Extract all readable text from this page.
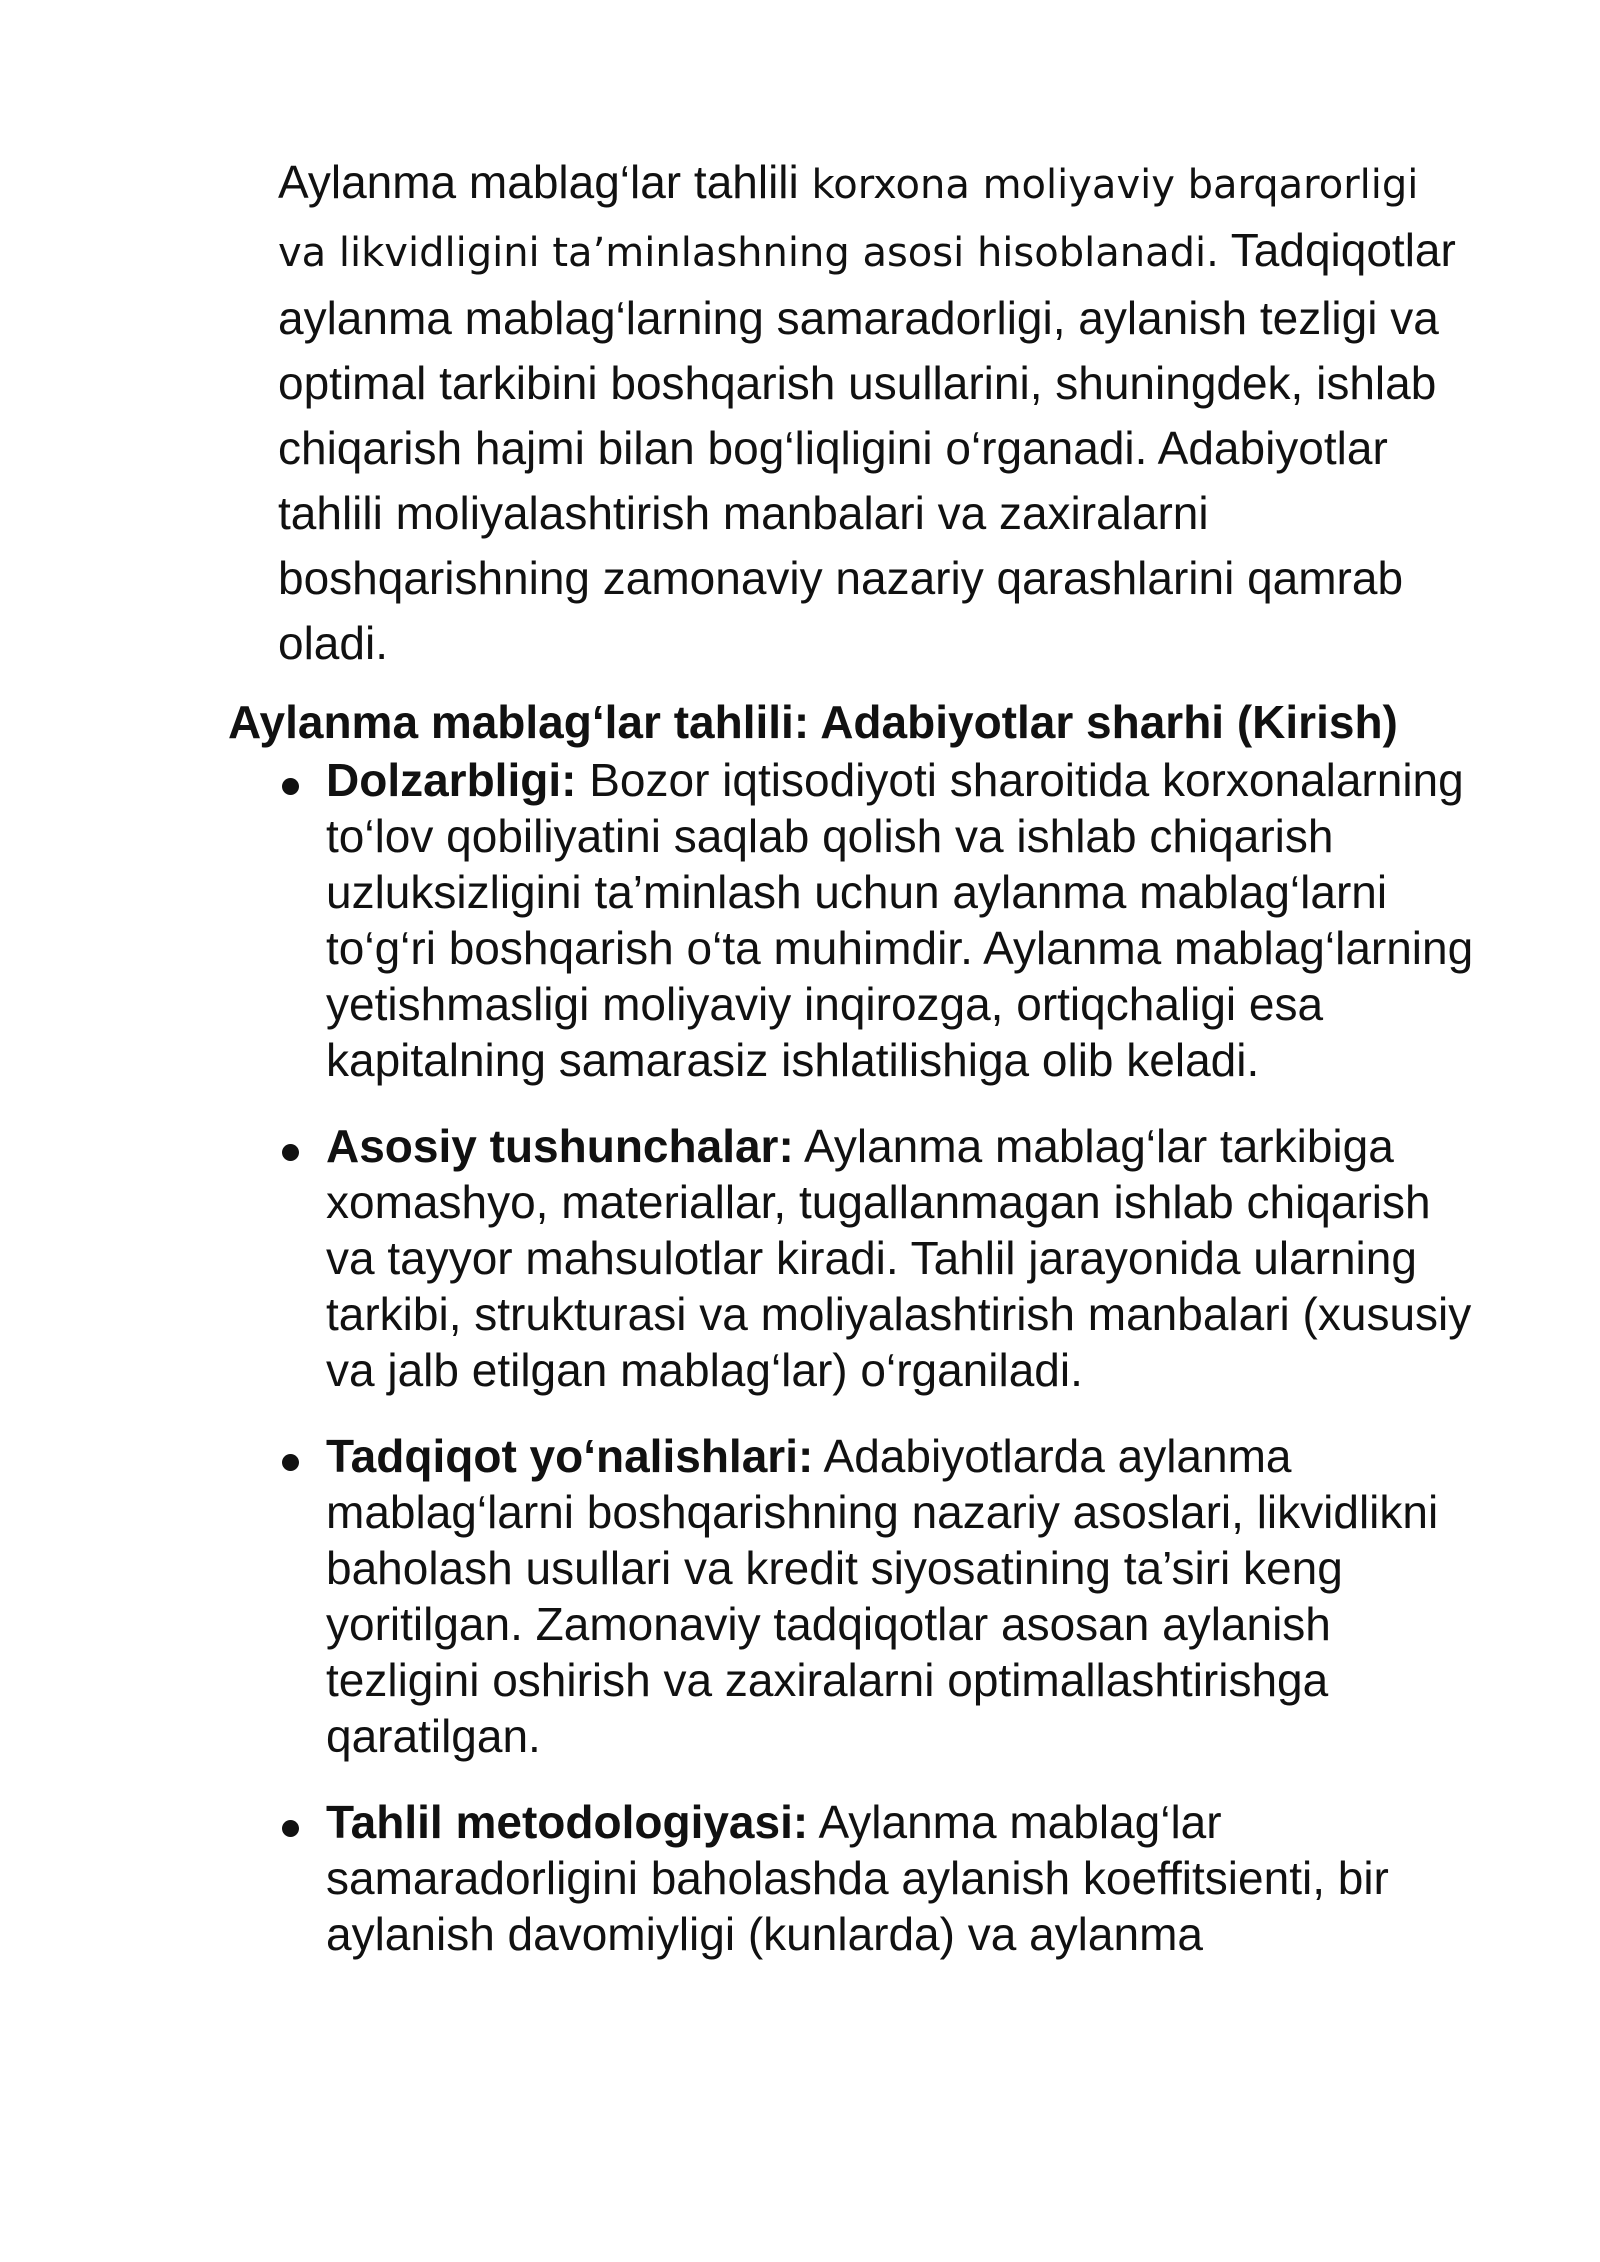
Aylanma mablag‘lar tahlili korxona moliyaviy barqarorligi va likvidligini ta’minlashning asosi hisoblanadi. Tadqiqotlar aylanma mablag‘larning samaradorligi, aylanish tezligi va optimal tarkibini boshqarish usullarini, shuningdek, ishlab chiqarish hajmi bilan bog‘liqligini o‘rganadi. Adabiyotlar tahlili moliyalashtirish manbalari va zaxiralarni boshqarishning zamonaviy nazariy qarashlarini qamrab oladi.

Aylanma mablag‘lar tahlili: Adabiyotlar sharhi (Kirish)
Dolzarbligi: Bozor iqtisodiyoti sharoitida korxonalarning to‘lov qobiliyatini saqlab qolish va ishlab chiqarish uzluksizligini ta’minlash uchun aylanma mablag‘larni to‘g‘ri boshqarish o‘ta muhimdir. Aylanma mablag‘larning yetishmasligi moliyaviy inqirozga, ortiqchaligi esa kapitalning samarasiz ishlatilishiga olib keladi.
Asosiy tushunchalar: Aylanma mablag‘lar tarkibiga xomashyo, materiallar, tugallanmagan ishlab chiqarish va tayyor mahsulotlar kiradi. Tahlil jarayonida ularning tarkibi, strukturasi va moliyalashtirish manbalari (xususiy va jalb etilgan mablag‘lar) o‘rganiladi.
Tadqiqot yo‘nalishlari: Adabiyotlarda aylanma mablag‘larni boshqarishning nazariy asoslari, likvidlikni baholash usullari va kredit siyosatining ta’siri keng yoritilgan. Zamonaviy tadqiqotlar asosan aylanish tezligini oshirish va zaxiralarni optimallashtirishga qaratilgan.
Tahlil metodologiyasi: Aylanma mablag‘lar samaradorligini baholashda aylanish koeffitsienti, bir aylanish davomiyligi (kunlarda) va aylanma
